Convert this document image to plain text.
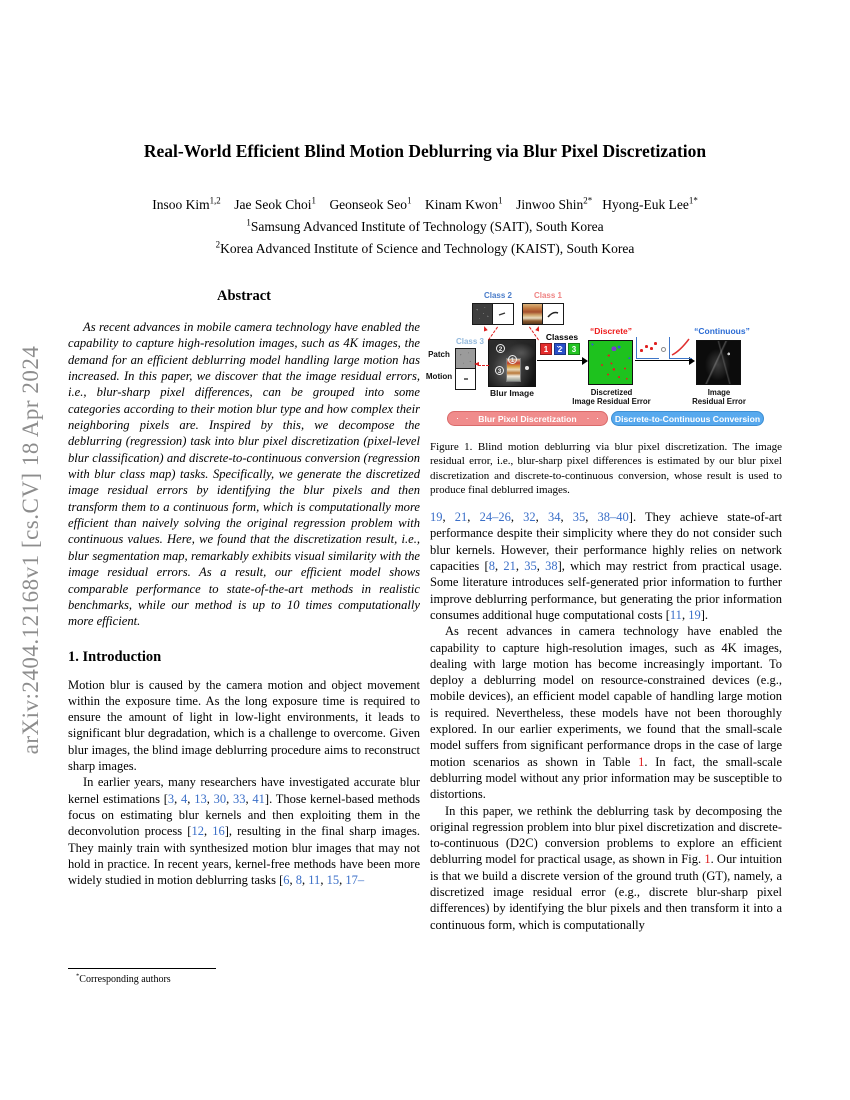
arXiv:2404.12168v1 [cs.CV] 18 Apr 2024
Real-World Efficient Blind Motion Deblurring via Blur Pixel Discretization
Insoo Kim$^{1,2}$ Jae Seok Choi$^1$ Geonseok Seo$^1$ Kinam Kwon$^1$ Jinwoo Shin$^{2*}$ Hyong-Euk Lee$^{1*}$
$^1$Samsung Advanced Institute of Technology (SAIT), South Korea
$^2$Korea Advanced Institute of Science and Technology (KAIST), South Korea
Abstract

As recent advances in mobile camera technology have enabled the capability to capture high-resolution images, such as 4K images, the demand for an efficient deblurring model handling large motion has increased. In this paper, we discover that the image residual errors, i.e., blur-sharp pixel differences, can be grouped into some categories according to their motion blur type and how complex their neighboring pixels are. Inspired by this, we decompose the deblurring (regression) task into blur pixel discretization (pixel-level blur classification) and discrete-to-continuous conversion (regression with blur class map) tasks. Specifically, we generate the discretized image residual errors by identifying the blur pixels and then transform them to a continuous form, which is computationally more efficient than naively solving the original regression problem with continuous values. Here, we found that the discretization result, i.e., blur segmentation map, remarkably exhibits visual similarity with the image residual errors. As a result, our efficient model shows comparable performance to state-of-the-art methods in realistic benchmarks, while our method is up to 10 times computationally more efficient.

1. Introduction

Motion blur is caused by the camera motion and object movement within the exposure time. As the long exposure time is required to ensure the amount of light in low-light environments, it leads to significant blur degradation, which is a challenge to overcome. Given blur images, the blind image deblurring procedure aims to reconstruct sharp images.

In earlier years, many researchers have investigated accurate blur kernel estimations [3, 4, 13, 30, 33, 41]. Those kernel-based methods focus on estimating blur kernels and then exploiting them in the deconvolution process [12, 16], resulting in the final sharp images. They mainly train with synthesized motion blur images that may not hold in practice. In recent years, kernel-free methods have been more widely studied in motion deblurring tasks [6, 8, 11, 15, 17–

*Corresponding authors
Class 2	Class 1
Class 3
Patch
Motion
2
1
3
Blur Image
Classes
1	2	3
“Discrete”
Discretized
Image Residual Error
“Continuous”
Image
Residual Error
Blur Pixel Discretization	Discrete-to-Continuous Conversion

Figure 1. Blind motion deblurring via blur pixel discretization. The image residual error, i.e., blur-sharp pixel differences is estimated by our blur pixel discretization and discrete-to-continuous conversion, whose result is used to produce final deblurred images.

19, 21, 24–26, 32, 34, 35, 38–40]. They achieve state-of-art performance despite their simplicity where they do not consider such blur kernels. However, their performance highly relies on network capacities [8, 21, 35, 38], which may restrict from practical usage. Some literature introduces self-generated prior information to further improve deblurring performance, but generating the prior information consumes additional huge computational costs [11, 19].

As recent advances in camera technology have enabled the capability to capture high-resolution images, such as 4K images, dealing with large motion has become increasingly important. To deploy a deblurring model on resource-constrained devices (e.g., mobile devices), an efficient model capable of handling large motion is required. Nevertheless, these models have not been thoroughly explored. In our earlier experiments, we found that the small-scale model suffers from significant performance drops in the case of large motion scenarios as shown in Table 1. In fact, the small-scale deblurring model without any prior information may be susceptible to distortions.

In this paper, we rethink the deblurring task by decomposing the original regression problem into blur pixel discretization and discrete-to-continuous (D2C) conversion problems to explore an efficient deblurring model for practical usage, as shown in Fig. 1. Our intuition is that we build a discrete version of the ground truth (GT), namely, a discretized image residual error (e.g., discrete blur-sharp pixel differences) by identifying the blur pixels and then transform it into a continuous form, which is computationally
